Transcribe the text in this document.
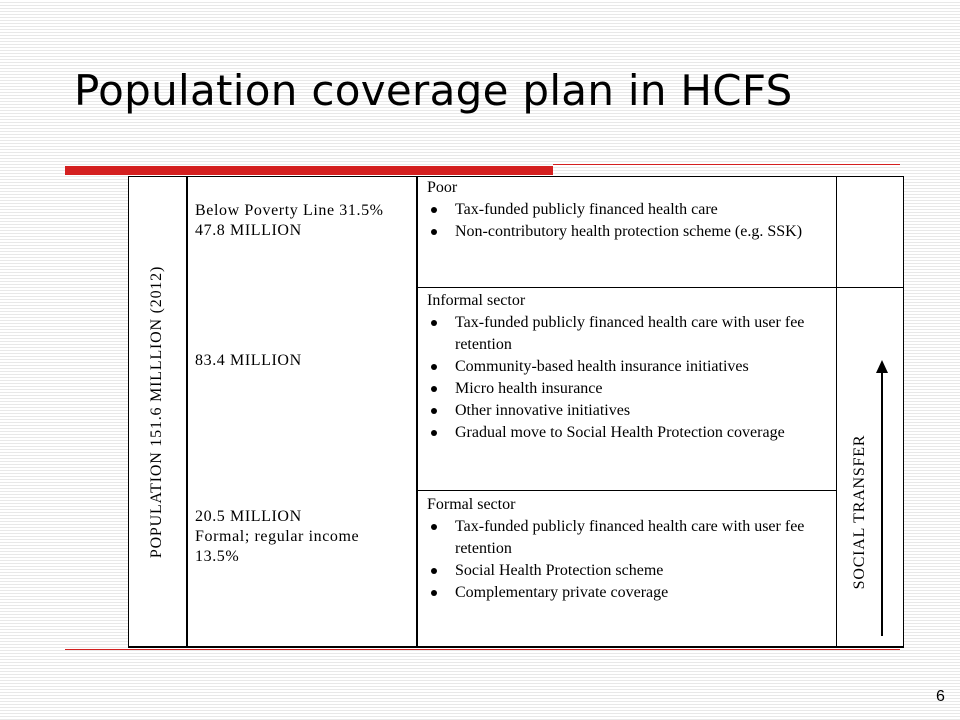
Population coverage plan in HCFS
POPULATION 151.6 MILLLION (2012)
Below Poverty Line 31.5%
47.8 MILLION
83.4 MILLION
20.5 MILLION
Formal; regular income
13.5%
Poor
Tax-funded publicly financed health care
Non-contributory health protection scheme (e.g. SSK)
Informal sector
Tax-funded publicly financed health care with user fee retention
Community-based health insurance initiatives
Micro health insurance
Other innovative initiatives
Gradual move to Social Health Protection coverage
Formal sector
Tax-funded publicly financed health care with user fee retention
Social Health Protection scheme
Complementary private coverage
SOCIAL TRANSFER
6
